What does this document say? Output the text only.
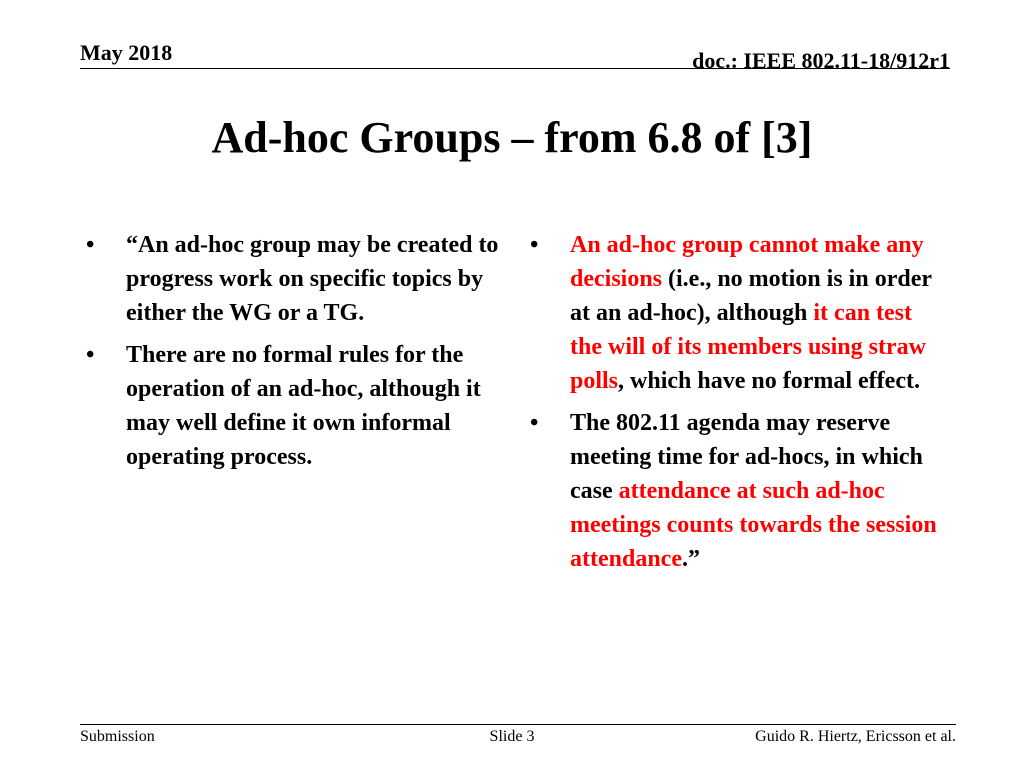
May 2018	doc.: IEEE 802.11-18/912r1
Ad-hoc Groups – from 6.8 of [3]
• “An ad-hoc group may be created to progress work on specific topics by either the WG or a TG.
• There are no formal rules for the operation of an ad-hoc, although it may well define it own informal operating process.
• An ad-hoc group cannot make any decisions (i.e., no motion is in order at an ad-hoc), although it can test the will of its members using straw polls, which have no formal effect.
• The 802.11 agenda may reserve meeting time for ad-hocs, in which case attendance at such ad-hoc meetings counts towards the session attendance.”
Submission	Slide 3	Guido R. Hiertz, Ericsson et al.
